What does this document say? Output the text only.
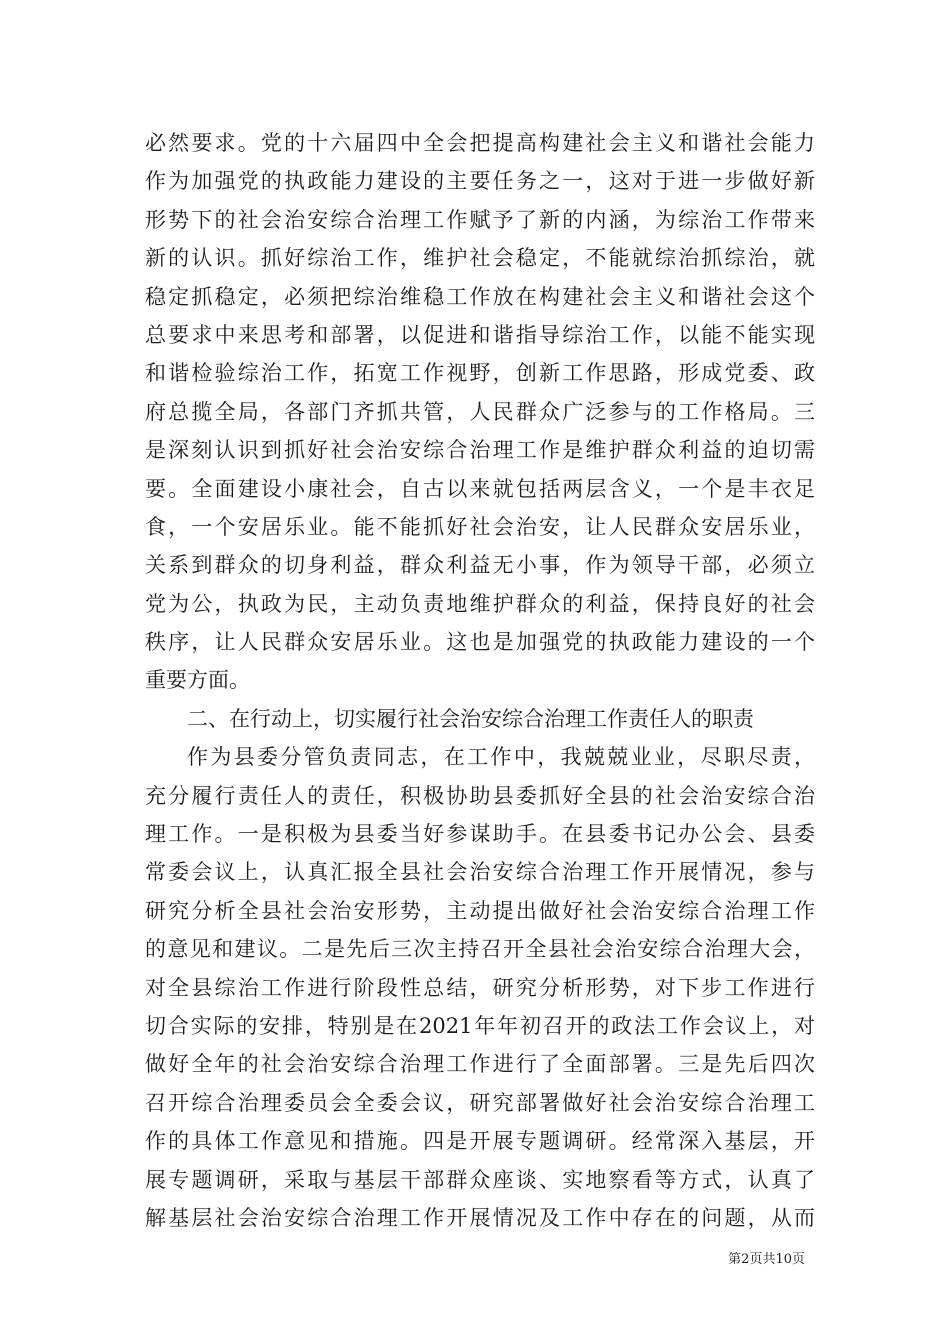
必然要求。党的十六届四中全会把提高构建社会主义和谐社会能力
作为加强党的执政能力建设的主要任务之一，这对于进一步做好新
形势下的社会治安综合治理工作赋予了新的内涵，为综治工作带来
新的认识。抓好综治工作，维护社会稳定，不能就综治抓综治，就
稳定抓稳定，必须把综治维稳工作放在构建社会主义和谐社会这个
总要求中来思考和部署，以促进和谐指导综治工作，以能不能实现
和谐检验综治工作，拓宽工作视野，创新工作思路，形成党委、政
府总揽全局，各部门齐抓共管，人民群众广泛参与的工作格局。三
是深刻认识到抓好社会治安综合治理工作是维护群众利益的迫切需
要。全面建设小康社会，自古以来就包括两层含义，一个是丰衣足
食，一个安居乐业。能不能抓好社会治安，让人民群众安居乐业，
关系到群众的切身利益，群众利益无小事，作为领导干部，必须立
党为公，执政为民，主动负责地维护群众的利益，保持良好的社会
秩序，让人民群众安居乐业。这也是加强党的执政能力建设的一个
重要方面。
二、在行动上，切实履行社会治安综合治理工作责任人的职责
作为县委分管负责同志，在工作中，我兢兢业业，尽职尽责，
充分履行责任人的责任，积极协助县委抓好全县的社会治安综合治
理工作。一是积极为县委当好参谋助手。在县委书记办公会、县委
常委会议上，认真汇报全县社会治安综合治理工作开展情况，参与
研究分析全县社会治安形势，主动提出做好社会治安综合治理工作
的意见和建议。二是先后三次主持召开全县社会治安综合治理大会，
对全县综治工作进行阶段性总结，研究分析形势，对下步工作进行
切合实际的安排，特别是在2021年年初召开的政法工作会议上，对
做好全年的社会治安综合治理工作进行了全面部署。三是先后四次
召开综合治理委员会全委会议，研究部署做好社会治安综合治理工
作的具体工作意见和措施。四是开展专题调研。经常深入基层，开
展专题调研，采取与基层干部群众座谈、实地察看等方式，认真了
解基层社会治安综合治理工作开展情况及工作中存在的问题，从而
第2页共10页
